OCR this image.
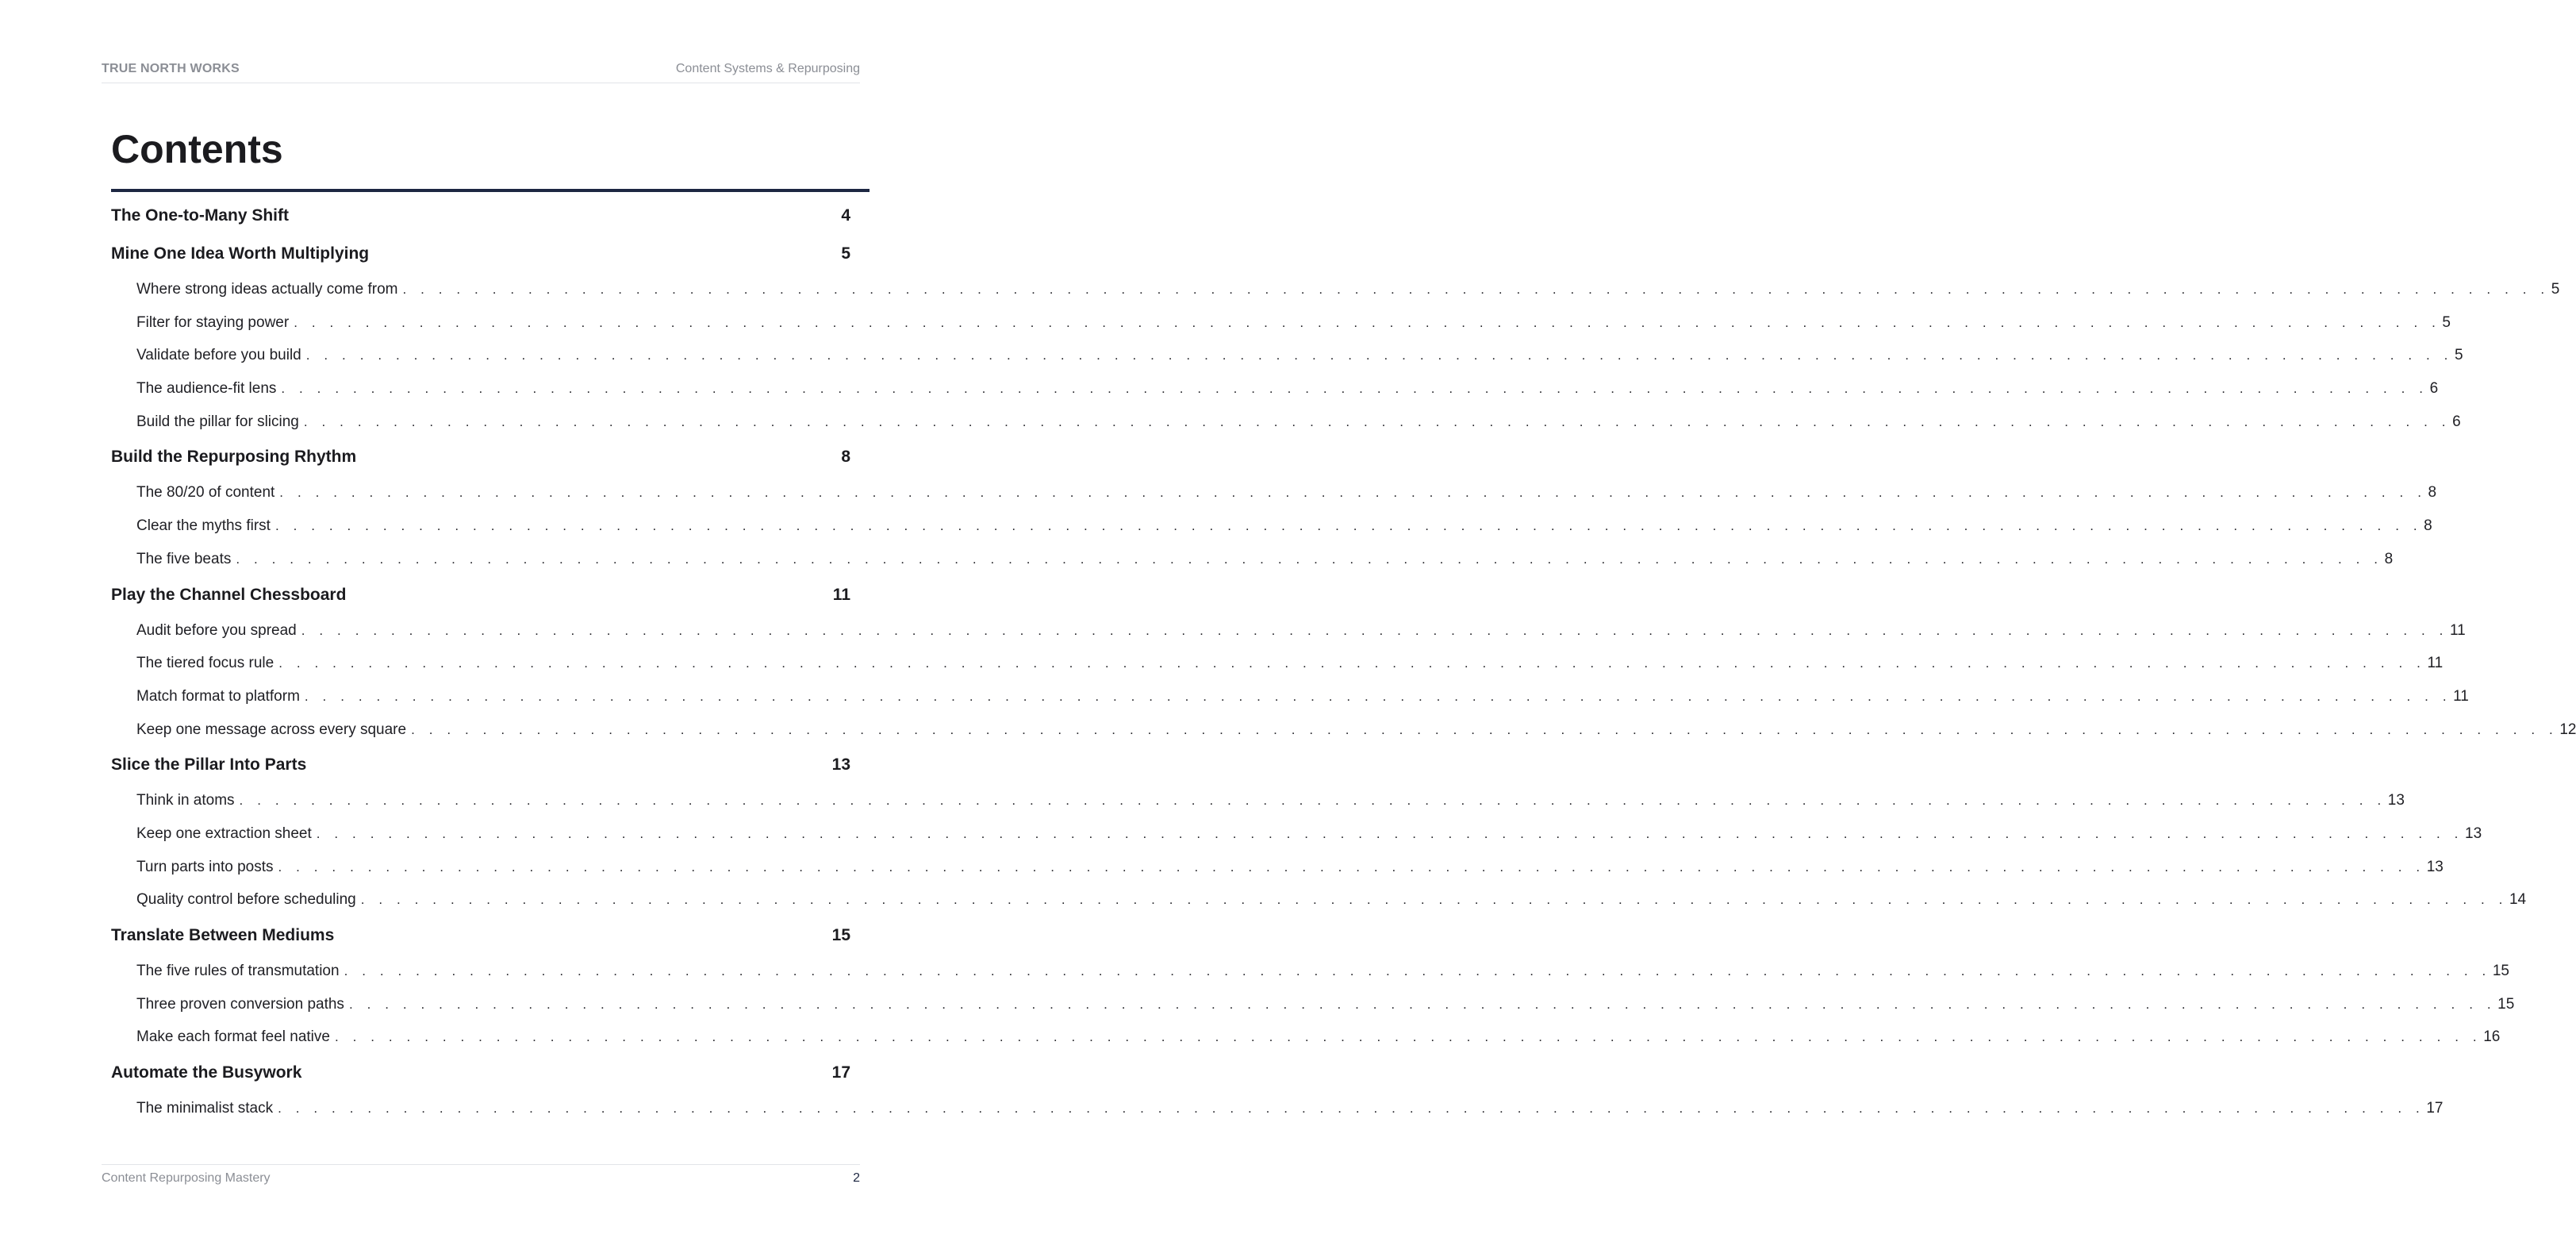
TRUE NORTH WORKS	Content Systems & Repurposing
Contents
The One-to-Many Shift	4
Mine One Idea Worth Multiplying	5
Where strong ideas actually come from . . . . . . . . . . . . . . . . . . . . . . . . . . . . . . . . . . . . . . . . . . . . . . . . . . . . . . . . . . . . . . . . . . . . . . . . . . . . . . . . . . . . . . . . . . . . . . . . . . . . . . . . . . . . . . . . . . . . . . . . 5
Filter for staying power . . . . . . . . . . . . . . . . . . . . . . . . . . . . . . . . . . . . . . . . . . . . . . . . . . . . . . . . . . . . . . . . . . . . . . . . . . . . . . . . . . . . . . . . . . . . . . . . . . . . . . . . . . . . . . . . . . . . . . . . 5
Validate before you build . . . . . . . . . . . . . . . . . . . . . . . . . . . . . . . . . . . . . . . . . . . . . . . . . . . . . . . . . . . . . . . . . . . . . . . . . . . . . . . . . . . . . . . . . . . . . . . . . . . . . . . . . . . . . . . . . . . . . . . . 5
The audience-fit lens . . . . . . . . . . . . . . . . . . . . . . . . . . . . . . . . . . . . . . . . . . . . . . . . . . . . . . . . . . . . . . . . . . . . . . . . . . . . . . . . . . . . . . . . . . . . . . . . . . . . . . . . . . . . . . . . . . . . . . . . 6
Build the pillar for slicing . . . . . . . . . . . . . . . . . . . . . . . . . . . . . . . . . . . . . . . . . . . . . . . . . . . . . . . . . . . . . . . . . . . . . . . . . . . . . . . . . . . . . . . . . . . . . . . . . . . . . . . . . . . . . . . . . . . . . . . . 6
Build the Repurposing Rhythm	8
The 80/20 of content . . . . . . . . . . . . . . . . . . . . . . . . . . . . . . . . . . . . . . . . . . . . . . . . . . . . . . . . . . . . . . . . . . . . . . . . . . . . . . . . . . . . . . . . . . . . . . . . . . . . . . . . . . . . . . . . . . . . . . . . 8
Clear the myths first . . . . . . . . . . . . . . . . . . . . . . . . . . . . . . . . . . . . . . . . . . . . . . . . . . . . . . . . . . . . . . . . . . . . . . . . . . . . . . . . . . . . . . . . . . . . . . . . . . . . . . . . . . . . . . . . . . . . . . . . 8
The five beats . . . . . . . . . . . . . . . . . . . . . . . . . . . . . . . . . . . . . . . . . . . . . . . . . . . . . . . . . . . . . . . . . . . . . . . . . . . . . . . . . . . . . . . . . . . . . . . . . . . . . . . . . . . . . . . . . . . . . . . . 8
Play the Channel Chessboard	11
Audit before you spread . . . . . . . . . . . . . . . . . . . . . . . . . . . . . . . . . . . . . . . . . . . . . . . . . . . . . . . . . . . . . . . . . . . . . . . . . . . . . . . . . . . . . . . . . . . . . . . . . . . . . . . . . . . . . . . . . . . . . . . . 11
The tiered focus rule . . . . . . . . . . . . . . . . . . . . . . . . . . . . . . . . . . . . . . . . . . . . . . . . . . . . . . . . . . . . . . . . . . . . . . . . . . . . . . . . . . . . . . . . . . . . . . . . . . . . . . . . . . . . . . . . . . . . . . . . 11
Match format to platform . . . . . . . . . . . . . . . . . . . . . . . . . . . . . . . . . . . . . . . . . . . . . . . . . . . . . . . . . . . . . . . . . . . . . . . . . . . . . . . . . . . . . . . . . . . . . . . . . . . . . . . . . . . . . . . . . . . . . . . . 11
Keep one message across every square . . . . . . . . . . . . . . . . . . . . . . . . . . . . . . . . . . . . . . . . . . . . . . . . . . . . . . . . . . . . . . . . . . . . . . . . . . . . . . . . . . . . . . . . . . . . . . . . . . . . . . . . . . . . . . . . . . . . . . . . 12
Slice the Pillar Into Parts	13
Think in atoms . . . . . . . . . . . . . . . . . . . . . . . . . . . . . . . . . . . . . . . . . . . . . . . . . . . . . . . . . . . . . . . . . . . . . . . . . . . . . . . . . . . . . . . . . . . . . . . . . . . . . . . . . . . . . . . . . . . . . . . . 13
Keep one extraction sheet . . . . . . . . . . . . . . . . . . . . . . . . . . . . . . . . . . . . . . . . . . . . . . . . . . . . . . . . . . . . . . . . . . . . . . . . . . . . . . . . . . . . . . . . . . . . . . . . . . . . . . . . . . . . . . . . . . . . . . . . 13
Turn parts into posts . . . . . . . . . . . . . . . . . . . . . . . . . . . . . . . . . . . . . . . . . . . . . . . . . . . . . . . . . . . . . . . . . . . . . . . . . . . . . . . . . . . . . . . . . . . . . . . . . . . . . . . . . . . . . . . . . . . . . . . . 13
Quality control before scheduling . . . . . . . . . . . . . . . . . . . . . . . . . . . . . . . . . . . . . . . . . . . . . . . . . . . . . . . . . . . . . . . . . . . . . . . . . . . . . . . . . . . . . . . . . . . . . . . . . . . . . . . . . . . . . . . . . . . . . . . . 14
Translate Between Mediums	15
The five rules of transmutation . . . . . . . . . . . . . . . . . . . . . . . . . . . . . . . . . . . . . . . . . . . . . . . . . . . . . . . . . . . . . . . . . . . . . . . . . . . . . . . . . . . . . . . . . . . . . . . . . . . . . . . . . . . . . . . . . . . . . . . . 15
Three proven conversion paths . . . . . . . . . . . . . . . . . . . . . . . . . . . . . . . . . . . . . . . . . . . . . . . . . . . . . . . . . . . . . . . . . . . . . . . . . . . . . . . . . . . . . . . . . . . . . . . . . . . . . . . . . . . . . . . . . . . . . . . . 15
Make each format feel native . . . . . . . . . . . . . . . . . . . . . . . . . . . . . . . . . . . . . . . . . . . . . . . . . . . . . . . . . . . . . . . . . . . . . . . . . . . . . . . . . . . . . . . . . . . . . . . . . . . . . . . . . . . . . . . . . . . . . . . . 16
Automate the Busywork	17
The minimalist stack . . . . . . . . . . . . . . . . . . . . . . . . . . . . . . . . . . . . . . . . . . . . . . . . . . . . . . . . . . . . . . . . . . . . . . . . . . . . . . . . . . . . . . . . . . . . . . . . . . . . . . . . . . . . . . . . . . . . . . . . 17
Content Repurposing Mastery	2
